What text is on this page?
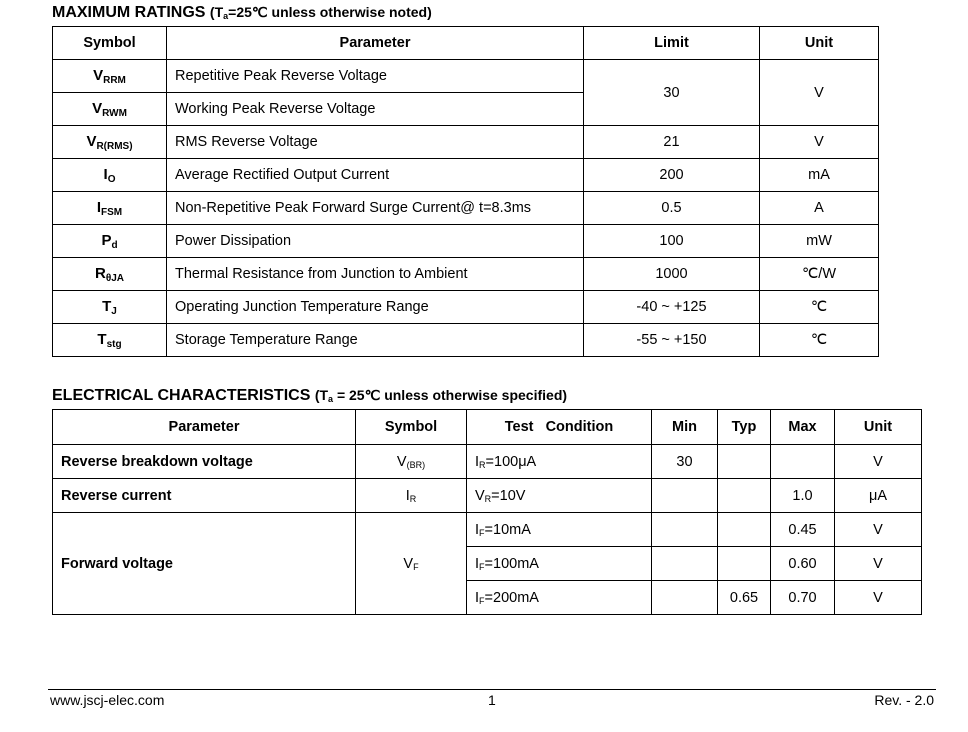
MAXIMUM RATINGS ($T_a=25℃$ unless otherwise noted)
Symbol	Parameter	Limit	Unit
$V_{RRM}$	Repetitive Peak Reverse Voltage	30	V
$V_{RWM}$	Working Peak Reverse Voltage		
$V_{R(RMS)}$	RMS Reverse Voltage	21	V
$I_O$	Average Rectified Output Current	200	mA
$I_{FSM}$	Non-Repetitive Peak Forward Surge Current@ t=8.3ms	0.5	A
$P_d$	Power Dissipation	100	mW
$R_{\theta JA}$	Thermal Resistance from Junction to Ambient	1000	℃/W
$T_J$	Operating Junction Temperature Range	-40 ~ +125	℃
$T_{stg}$	Storage Temperature Range	-55 ~ +150	℃
ELECTRICAL CHARACTERISTICS ($T_a$ = 25℃ unless otherwise specified)
Parameter	Symbol	Test   Condition	Min	Typ	Max	Unit
Reverse breakdown voltage	V(BR)	IR=100μA	30			V
Reverse current	IR	VR=10V			1.0	μA
Forward voltage	VF	IF=10mA			0.45	V
		IF=100mA			0.60	V
		IF=200mA		0.65	0.70	V
www.jscj-elec.com	1	Rev. - 2.0
